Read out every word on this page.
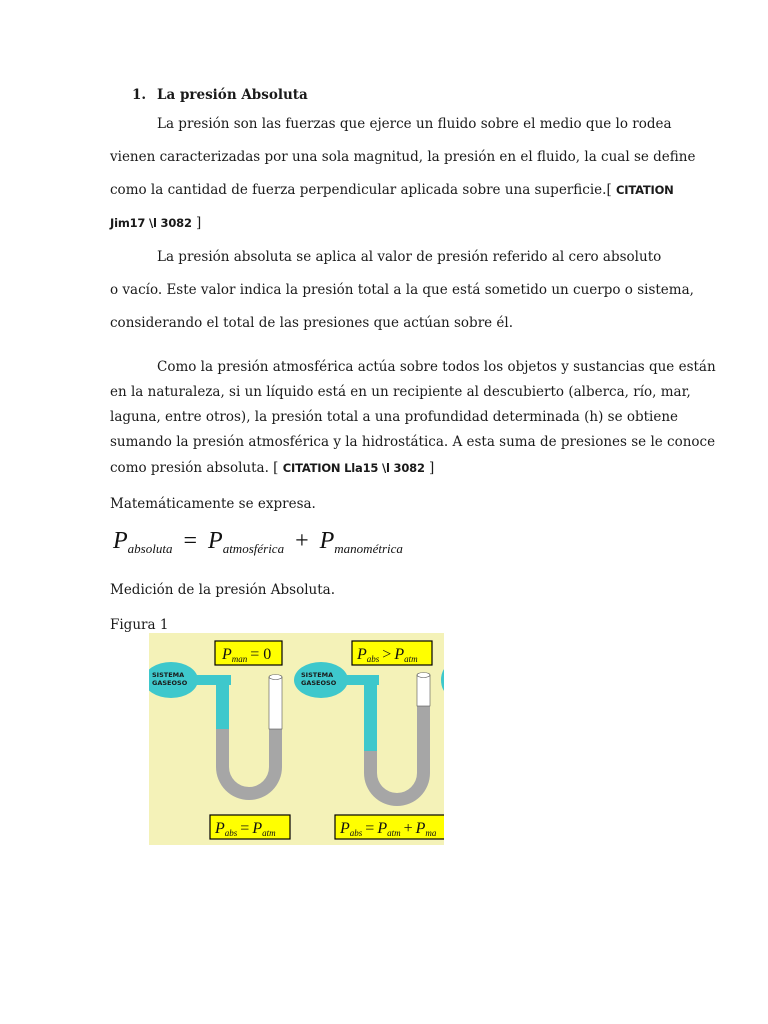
1. La presión Absoluta
La presión son las fuerzas que ejerce un fluido sobre el medio que lo rodea
vienen caracterizadas por una sola magnitud, la presión en el fluido, la cual se define
como la cantidad de fuerza perpendicular aplicada sobre una superficie.[ CITATION
Jim17 \l 3082 ]
La presión absoluta se aplica al valor de presión referido al cero absoluto
o vacío. Este valor indica la presión total a la que está sometido un cuerpo o sistema,
considerando el total de las presiones que actúan sobre él.
Como la presión atmosférica actúa sobre todos los objetos y sustancias que están
en la naturaleza, si un líquido está en un recipiente al descubierto (alberca, río, mar,
laguna, entre otros), la presión total a una profundidad determinada (h) se obtiene
sumando la presión atmosférica y la hidrostática. A esta suma de presiones se le conoce
como presión absoluta. [ CITATION Lla15 \l 3082 ]
Matemáticamente se expresa.
$P_{absoluta} = P_{atmosférica} + P_{manométrica}$
Medición de la presión Absoluta.
Figura 1
SISTEMA
GASEOSO
Pman = 0
Pabs = Patm
SISTEMA
GASEOSO
Pabs > Patm
Pabs = Patm + Pma
